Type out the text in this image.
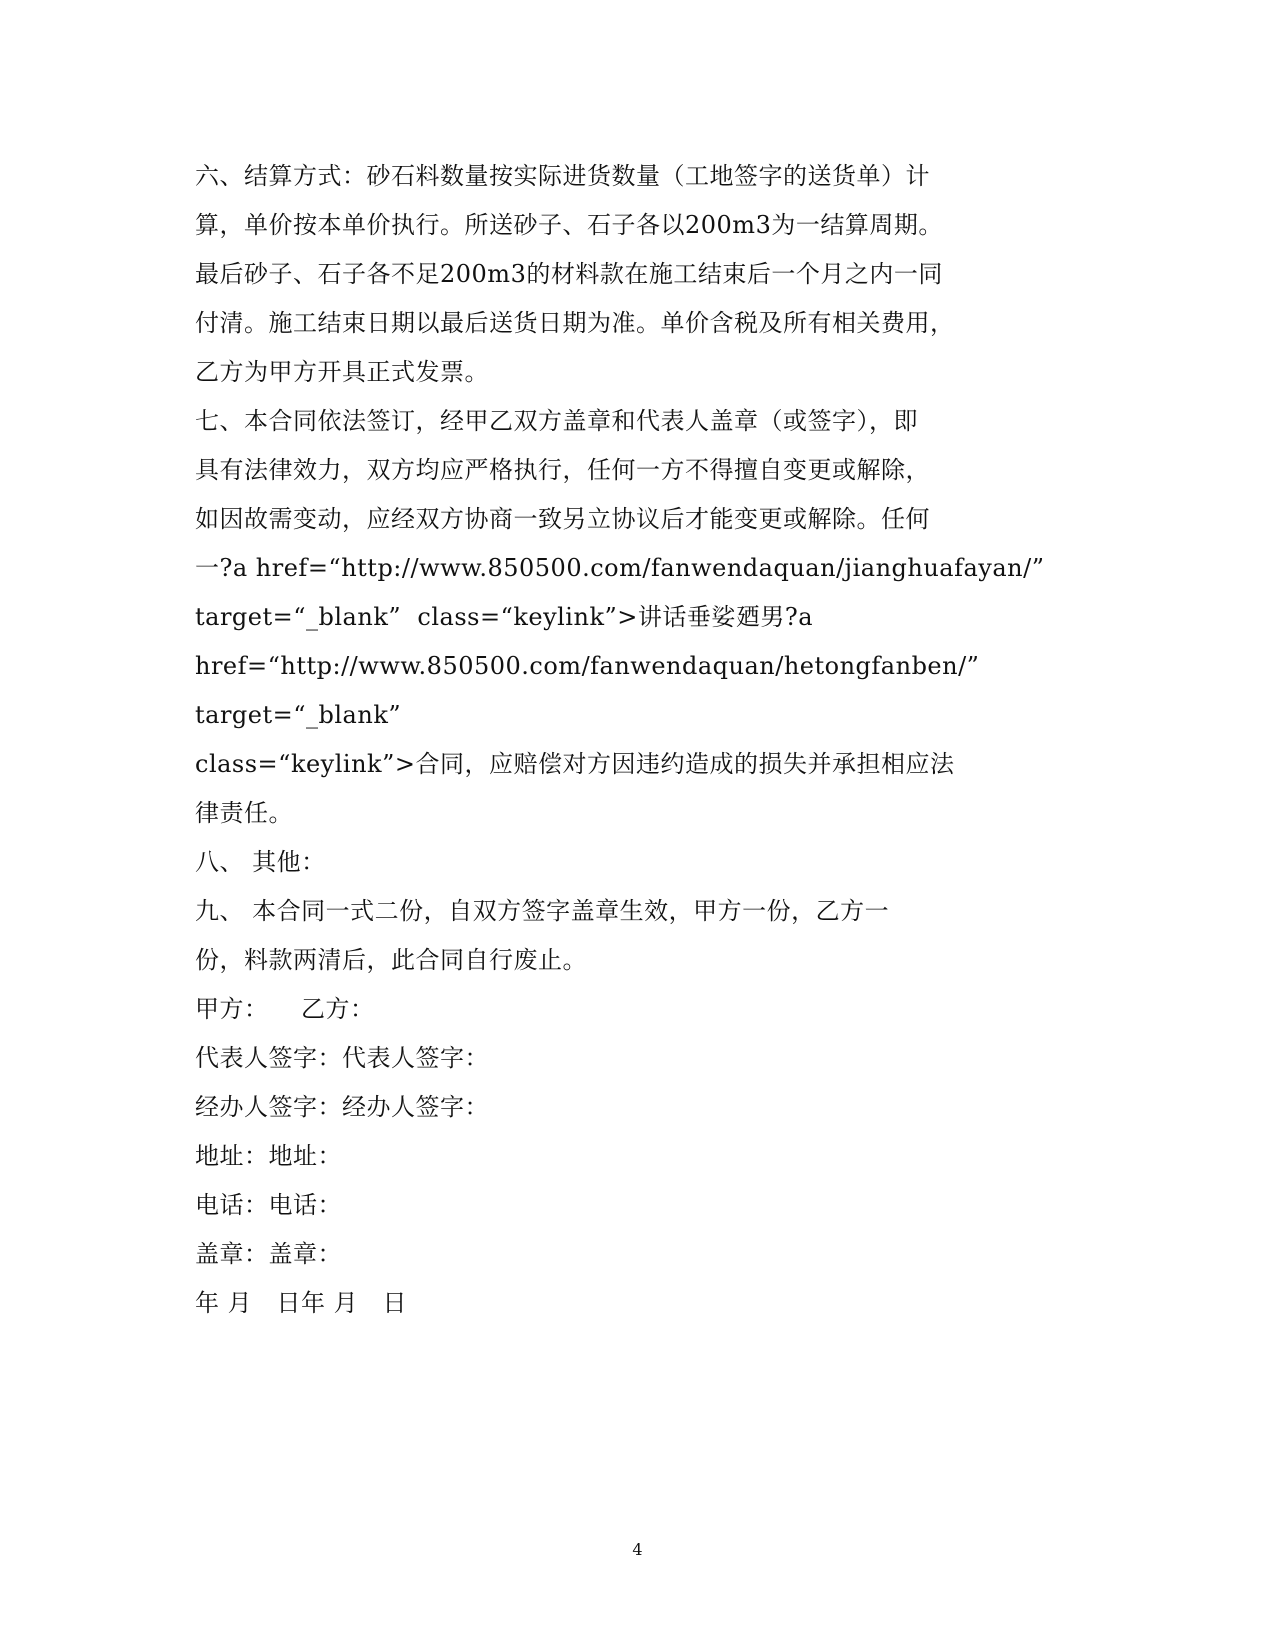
六、结算方式：砂石料数量按实际进货数量（工地签字的送货单）计
算，单价按本单价执行。所送砂子、石子各以200m3为一结算周期。
最后砂子、石子各不足200m3的材料款在施工结束后一个月之内一同
付清。施工结束日期以最后送货日期为准。单价含税及所有相关费用，
乙方为甲方开具正式发票。
七、本合同依法签订，经甲乙双方盖章和代表人盖章（或签字），即
具有法律效力，双方均应严格执行，任何一方不得擅自变更或解除，
如因故需变动，应经双方协商一致另立协议后才能变更或解除。任何
一?a href=“http://www.850500.com/fanwendaquan/jianghuafayan/”
target=“_blank”  class=“keylink”>讲话垂娑廼男?a
href=“http://www.850500.com/fanwendaquan/hetongfanben/”
target=“_blank”
class=“keylink”>合同，应赔偿对方因违约造成的损失并承担相应法
律责任。
八、 其他：
九、 本合同一式二份，自双方签字盖章生效，甲方一份，乙方一
份，料款两清后，此合同自行废止。
甲方：    乙方：
代表人签字：代表人签字：
经办人签字：经办人签字：
地址：地址：
电话：电话：
盖章：盖章：
年 月   日年 月   日
4
